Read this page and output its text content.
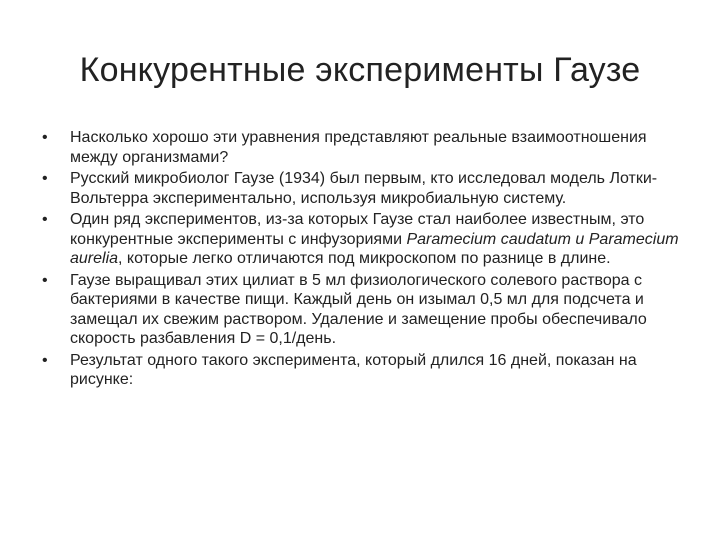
Конкурентные эксперименты Гаузе
•	Насколько хорошо эти уравнения представляют реальные взаимоотношения между организмами?
•	Русский микробиолог Гаузе (1934) был первым, кто исследовал модель Лотки-Вольтерра экспериментально, используя микробиальную систему.
•	Один ряд экспериментов, из-за которых Гаузе стал наиболее известным, это конкурентные эксперименты с инфузориями Paramecium caudatum и Paramecium aurelia, которые легко отличаются под микроскопом по разнице в длине.
•	Гаузе выращивал этих цилиат в 5 мл физиологического солевого раствора с бактериями в качестве пищи. Каждый день он изымал 0,5 мл для подсчета и замещал их свежим раствором. Удаление и замещение пробы обеспечивало скорость разбавления D = 0,1/день.
•	Результат одного такого эксперимента, который длился 16 дней, показан на рисунке:
